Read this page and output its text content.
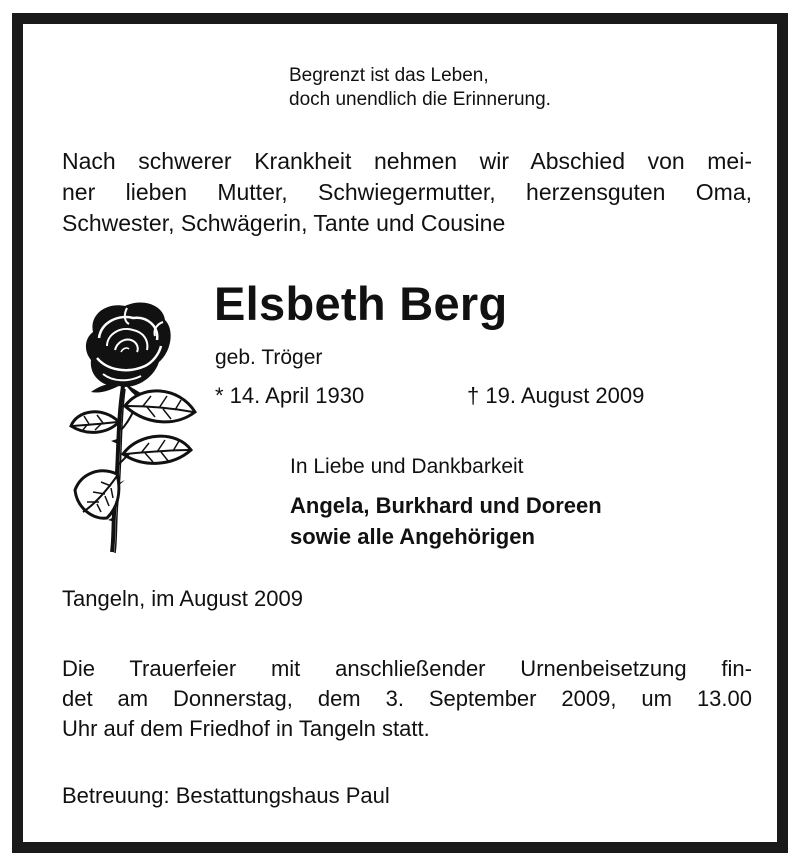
Begrenzt ist das Leben,
doch unendlich die Erinnerung.
Nach schwerer Krankheit nehmen wir Abschied von mei-
ner lieben Mutter, Schwiegermutter, herzensguten Oma,
Schwester, Schwägerin, Tante und Cousine
Elsbeth Berg
geb. Tröger
* 14. April 1930	† 19. August 2009
In Liebe und Dankbarkeit
Angela, Burkhard und Doreen
sowie alle Angehörigen
Tangeln, im August 2009
Die Trauerfeier mit anschließender Urnenbeisetzung fin-
det am Donnerstag, dem 3. September 2009, um 13.00
Uhr auf dem Friedhof in Tangeln statt.
Betreuung: Bestattungshaus Paul
